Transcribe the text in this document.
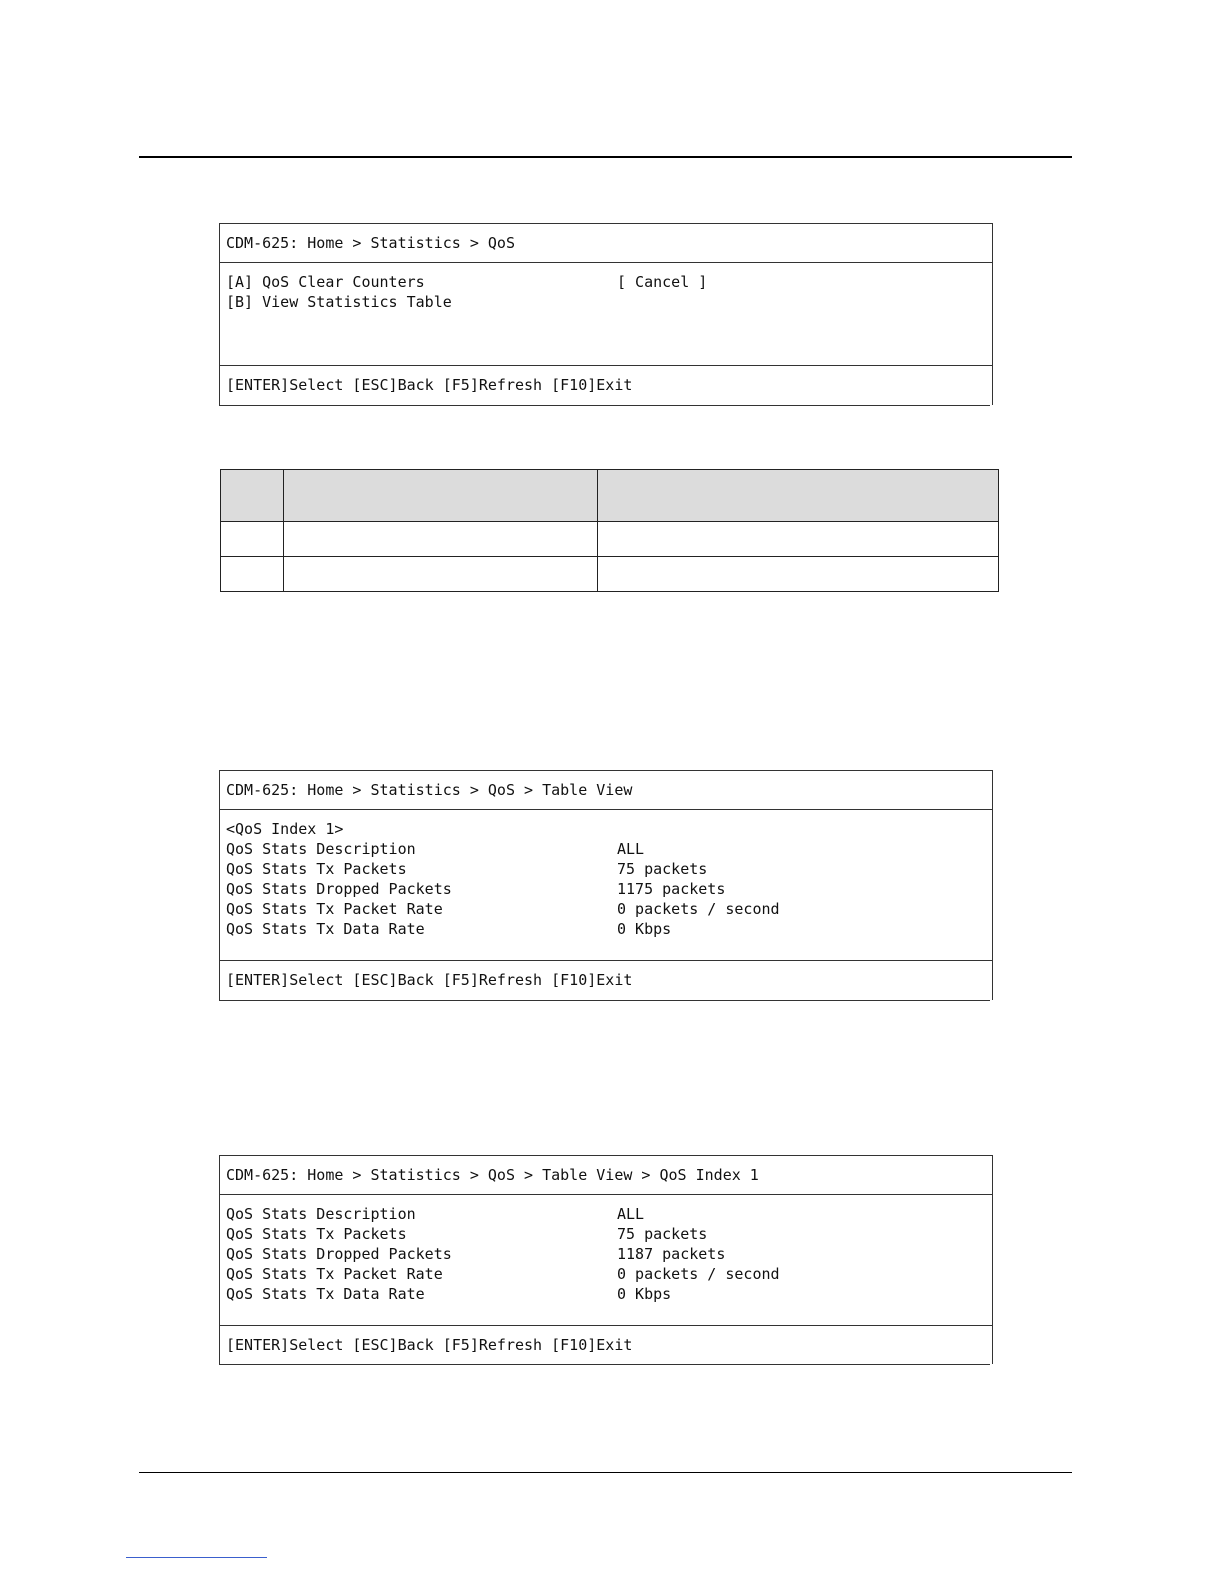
CDM-625: Home > Statistics > QoS
[A] QoS Clear Counters
[B] View Statistics Table
[ Cancel ]
[ENTER]Select [ESC]Back [F5]Refresh [F10]Exit

CDM-625: Home > Statistics > QoS > Table View
<QoS Index 1>
QoS Stats Description	ALL
QoS Stats Tx Packets	75 packets
QoS Stats Dropped Packets	1175 packets
QoS Stats Tx Packet Rate	0 packets / second
QoS Stats Tx Data Rate	0 Kbps
[ENTER]Select [ESC]Back [F5]Refresh [F10]Exit
CDM-625: Home > Statistics > QoS > Table View > QoS Index 1
QoS Stats Description	ALL
QoS Stats Tx Packets	75 packets
QoS Stats Dropped Packets	1187 packets
QoS Stats Tx Packet Rate	0 packets / second
QoS Stats Tx Data Rate	0 Kbps
[ENTER]Select [ESC]Back [F5]Refresh [F10]Exit
